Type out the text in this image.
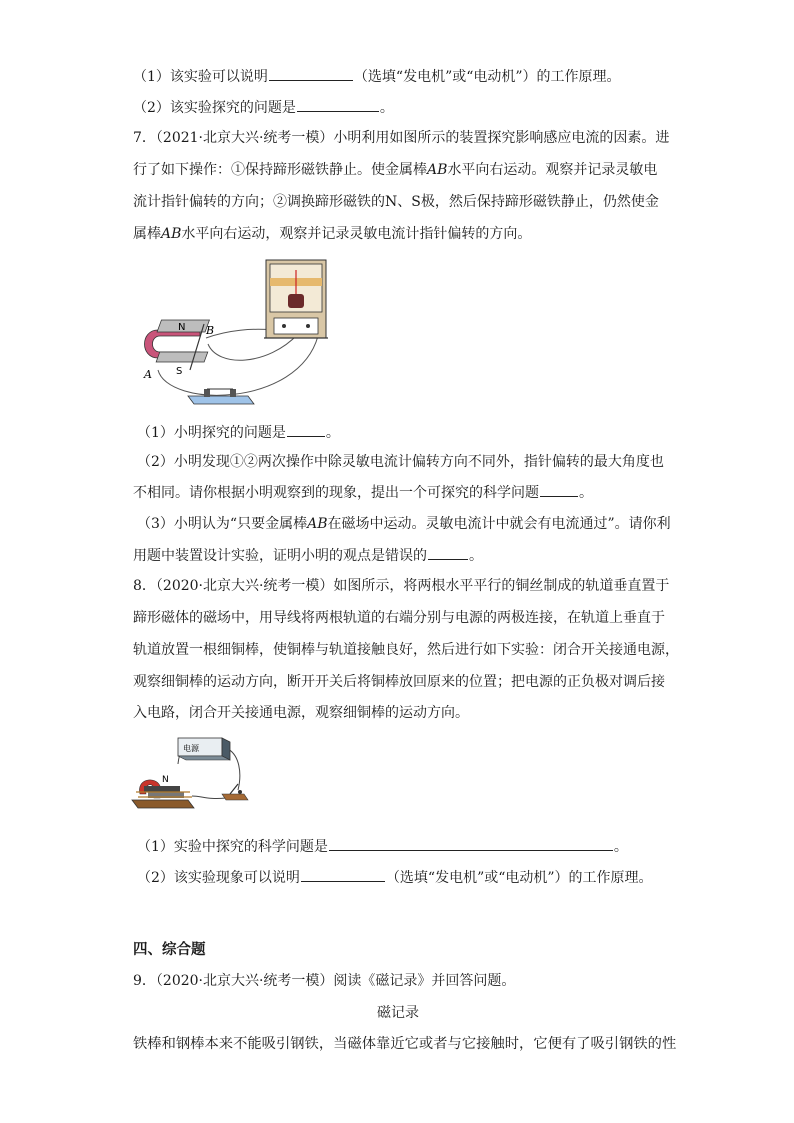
（1）该实验可以说明	（选填“发电机”或“电动机”）的工作原理。
（2）该实验探究的问题是	。
7．（2021·北京大兴·统考一模）小明利用如图所示的装置探究影响感应电流的因素。进
行了如下操作：①保持蹄形磁铁静止。使金属棒AB水平向右运动。观察并记录灵敏电
流计指针偏转的方向；②调换蹄形磁铁的N、S极，然后保持蹄形磁铁静止，仍然使金
属棒AB水平向右运动，观察并记录灵敏电流计指针偏转的方向。
N
S
A
B
（1）小明探究的问题是	。
（2）小明发现①②两次操作中除灵敏电流计偏转方向不同外，指针偏转的最大角度也
不相同。请你根据小明观察到的现象，提出一个可探究的科学问题	。
（3）小明认为“只要金属棒AB在磁场中运动。灵敏电流计中就会有电流通过”。请你利
用题中装置设计实验，证明小明的观点是错误的	。
8．（2020·北京大兴·统考一模）如图所示，将两根水平平行的铜丝制成的轨道垂直置于
蹄形磁体的磁场中，用导线将两根轨道的右端分别与电源的两极连接，在轨道上垂直于
轨道放置一根细铜棒，使铜棒与轨道接触良好，然后进行如下实验：闭合开关接通电源，
观察细铜棒的运动方向，断开开关后将铜棒放回原来的位置；把电源的正负极对调后接
入电路，闭合开关接通电源，观察细铜棒的运动方向。
电源
N
（1）实验中探究的科学问题是	。
（2）该实验现象可以说明	（选填“发电机”或“电动机”）的工作原理。
四、综合题
9．（2020·北京大兴·统考一模）阅读《磁记录》并回答问题。
磁记录
铁棒和钢棒本来不能吸引钢铁，当磁体靠近它或者与它接触时，它便有了吸引钢铁的性
